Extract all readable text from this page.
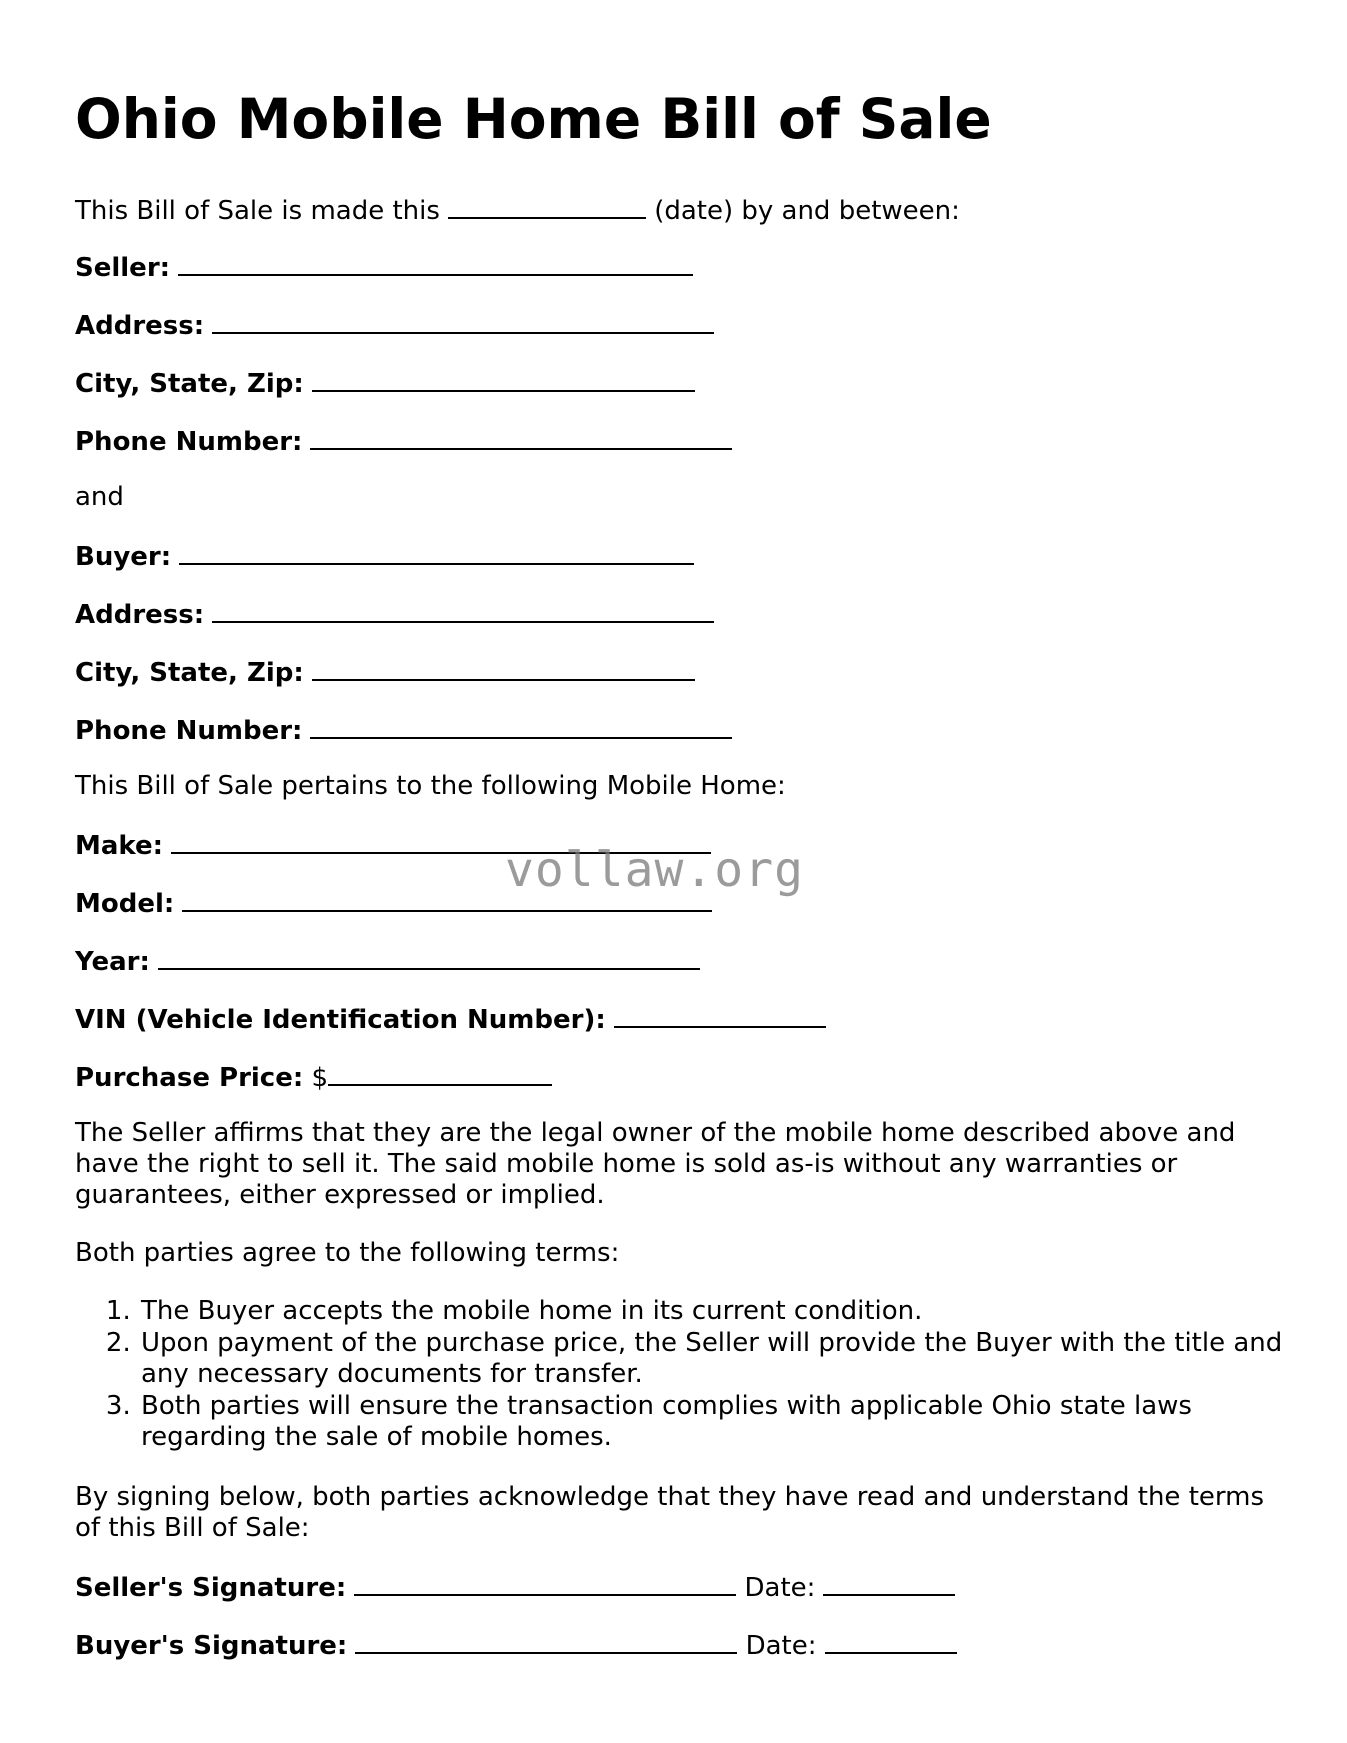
Ohio Mobile Home Bill of Sale

This Bill of Sale is made this	(date) by and between:

Seller:

Address:

City, State, Zip:

Phone Number:

and

Buyer:

Address:

City, State, Zip:

Phone Number:

This Bill of Sale pertains to the following Mobile Home:

Make:

Model:

Year:

VIN (Vehicle Identification Number):

Purchase Price: $

The Seller affirms that they are the legal owner of the mobile home described above and have the right to sell it. The said mobile home is sold as-is without any warranties or guarantees, either expressed or implied.

Both parties agree to the following terms:

1. The Buyer accepts the mobile home in its current condition.
2. Upon payment of the purchase price, the Seller will provide the Buyer with the title and any necessary documents for transfer.
3. Both parties will ensure the transaction complies with applicable Ohio state laws regarding the sale of mobile homes.

By signing below, both parties acknowledge that they have read and understand the terms of this Bill of Sale:

Seller's Signature:	Date:

Buyer's Signature:	Date:

vollaw.org
